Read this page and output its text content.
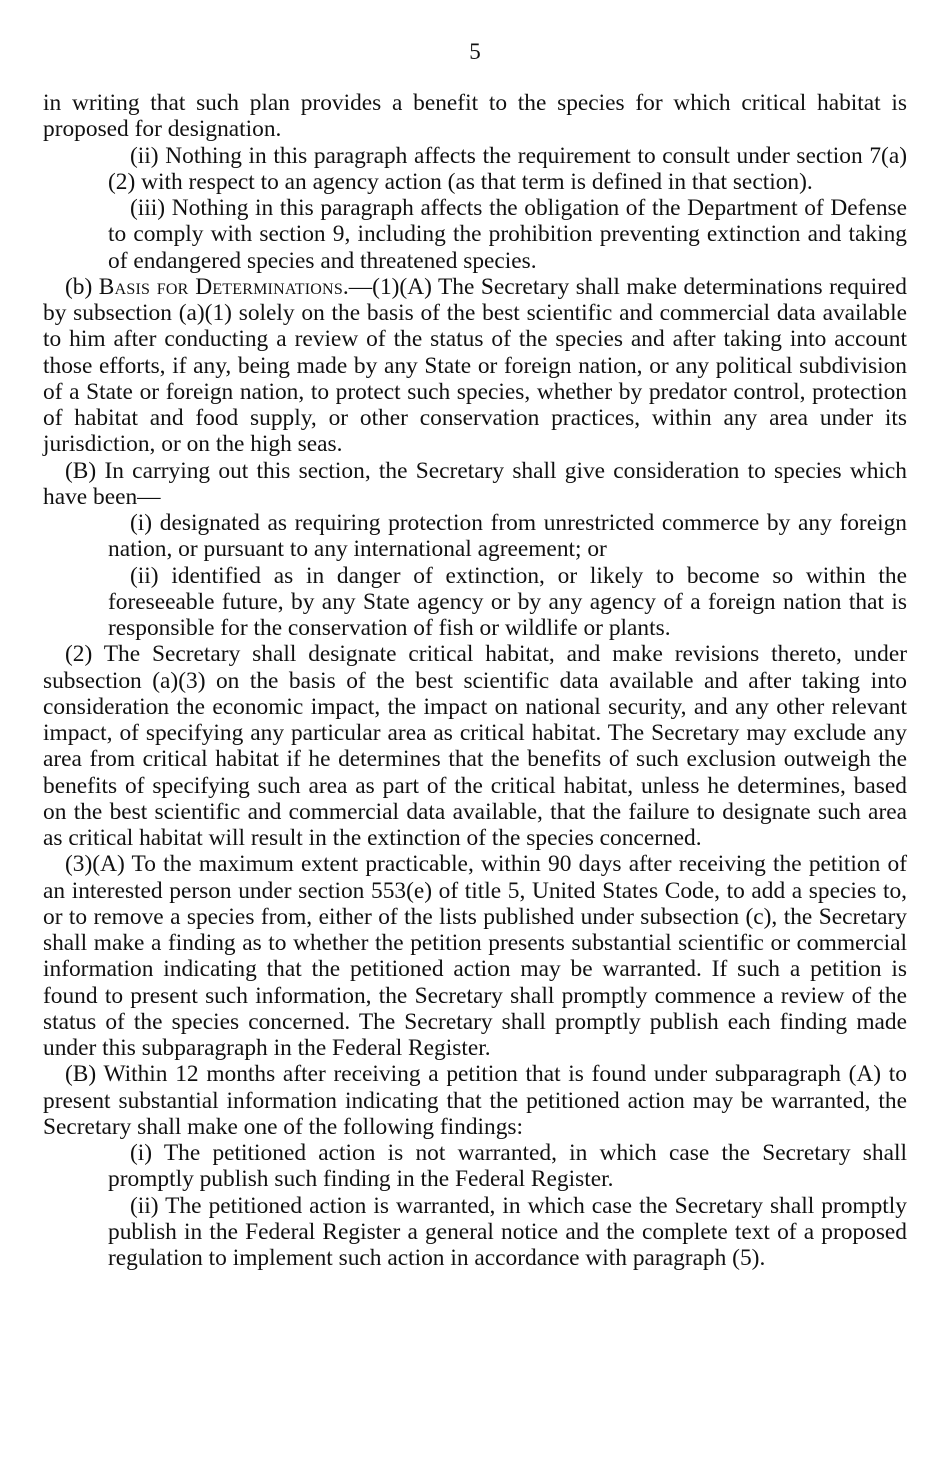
5

in writing that such plan provides a benefit to the species for which critical habitat is proposed for designation.

(ii) Nothing in this paragraph affects the requirement to consult under section 7(a)(2) with respect to an agency action (as that term is defined in that section).

(iii) Nothing in this paragraph affects the obligation of the Department of Defense to comply with section 9, including the prohibition preventing extinction and taking of endangered species and threatened species.

(b) Basis for Determinations.—(1)(A) The Secretary shall make determinations required by subsection (a)(1) solely on the basis of the best scientific and commercial data available to him after conducting a review of the status of the species and after taking into account those efforts, if any, being made by any State or foreign nation, or any political subdivision of a State or foreign nation, to protect such species, whether by predator control, protection of habitat and food supply, or other conservation practices, within any area under its jurisdiction, or on the high seas.

(B) In carrying out this section, the Secretary shall give consideration to species which have been—

(i) designated as requiring protection from unrestricted commerce by any foreign nation, or pursuant to any international agreement; or

(ii) identified as in danger of extinction, or likely to become so within the foreseeable future, by any State agency or by any agency of a foreign nation that is responsible for the conservation of fish or wildlife or plants.

(2) The Secretary shall designate critical habitat, and make revisions thereto, under subsection (a)(3) on the basis of the best scientific data available and after taking into consideration the economic impact, the impact on national security, and any other relevant impact, of specifying any particular area as critical habitat. The Secretary may exclude any area from critical habitat if he determines that the benefits of such exclusion outweigh the benefits of specifying such area as part of the critical habitat, unless he determines, based on the best scientific and commercial data available, that the failure to designate such area as critical habitat will result in the extinction of the species concerned.

(3)(A) To the maximum extent practicable, within 90 days after receiving the petition of an interested person under section 553(e) of title 5, United States Code, to add a species to, or to remove a species from, either of the lists published under subsection (c), the Secretary shall make a finding as to whether the petition presents substantial scientific or commercial information indicating that the petitioned action may be warranted. If such a petition is found to present such information, the Secretary shall promptly commence a review of the status of the species concerned. The Secretary shall promptly publish each finding made under this subparagraph in the Federal Register.

(B) Within 12 months after receiving a petition that is found under subparagraph (A) to present substantial information indicating that the petitioned action may be warranted, the Secretary shall make one of the following findings:

(i) The petitioned action is not warranted, in which case the Secretary shall promptly publish such finding in the Federal Register.

(ii) The petitioned action is warranted, in which case the Secretary shall promptly publish in the Federal Register a general notice and the complete text of a proposed regulation to implement such action in accordance with paragraph (5).
